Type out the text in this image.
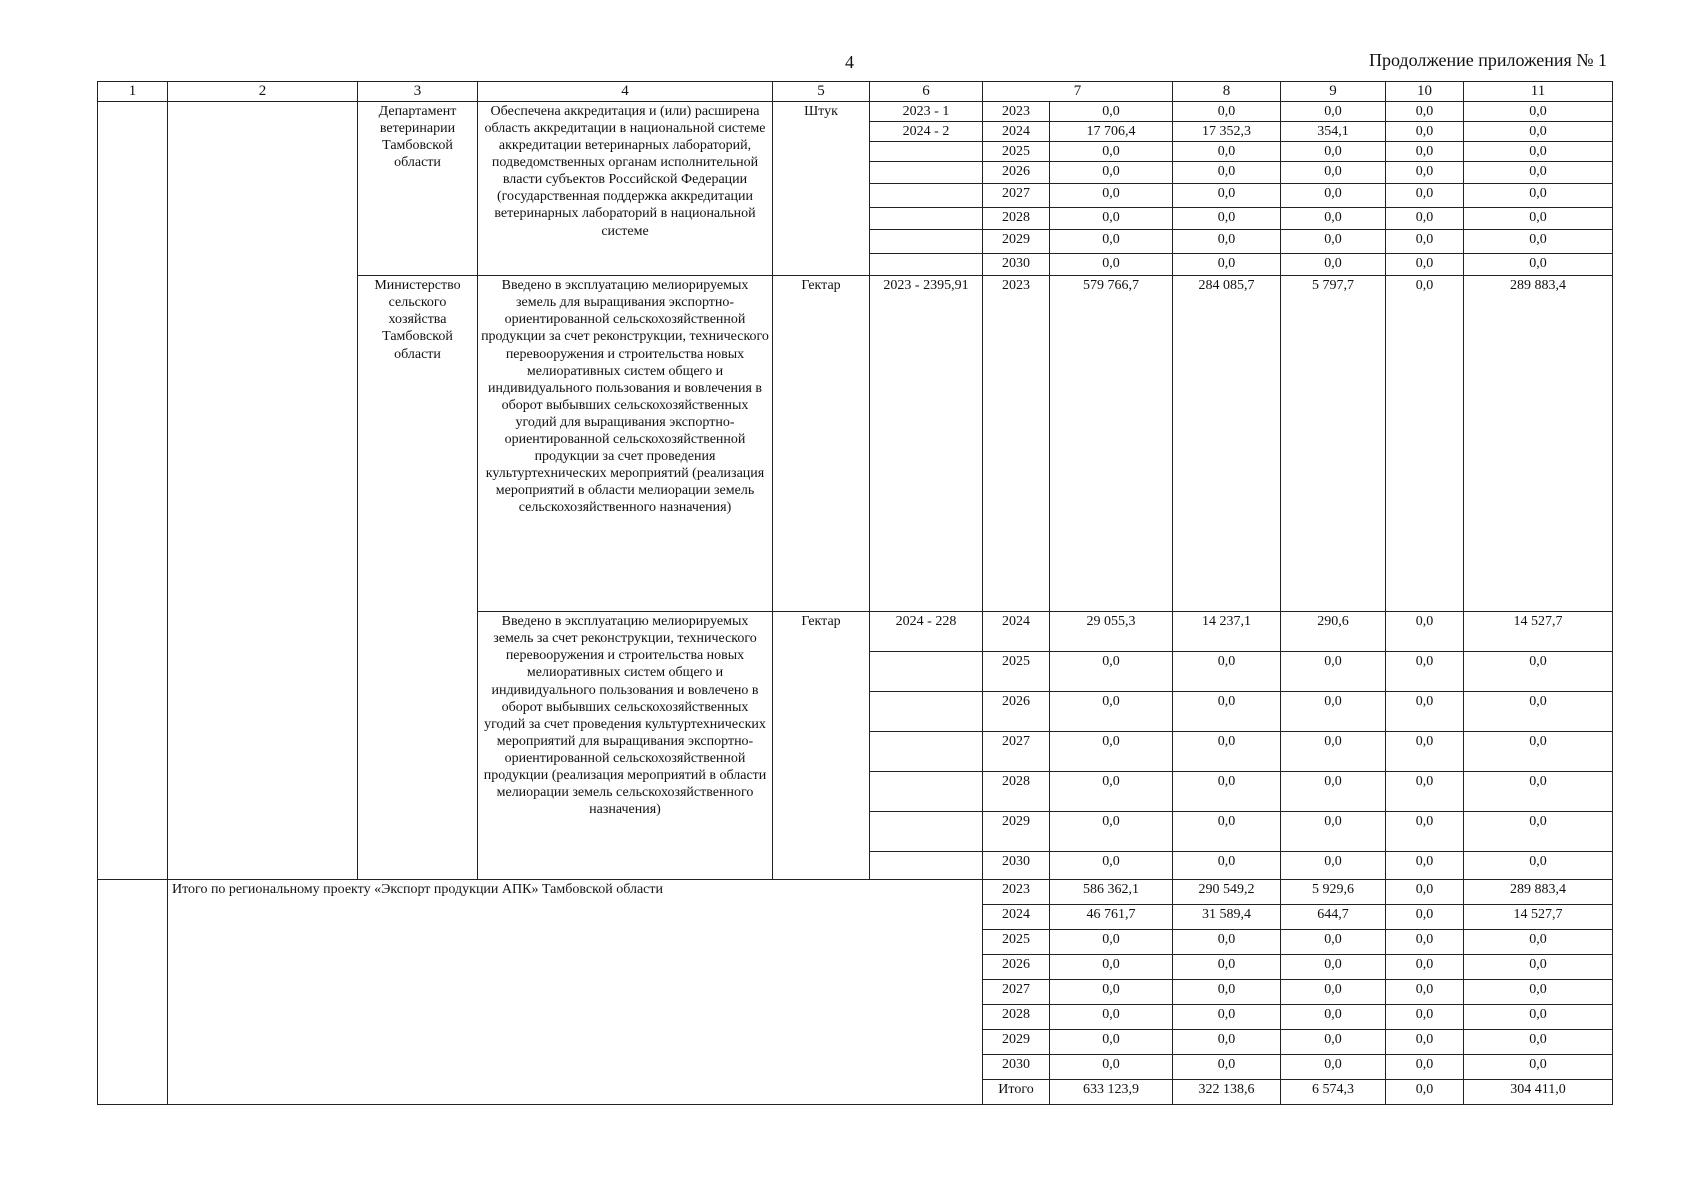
4	Продолжение приложения № 1
1	2	3	4	5	6	7		8	9	10	11
		Департамент ветеринарии Тамбовской области	Обеспечена аккредитация и (или) расширена область аккредитации в национальной системе аккредитации ветеринарных лабораторий, подведомственных органам исполнительной власти субъектов Российской Федерации (государственная поддержка аккредитации ветеринарных лабораторий в национальной системе	Штук	2023 - 1	2023	0,0	0,0	0,0	0,0	0,0
					2024 - 2	2024	17 706,4	17 352,3	354,1	0,0	0,0
						2025	0,0	0,0	0,0	0,0	0,0
						2026	0,0	0,0	0,0	0,0	0,0
						2027	0,0	0,0	0,0	0,0	0,0
						2028	0,0	0,0	0,0	0,0	0,0
						2029	0,0	0,0	0,0	0,0	0,0
						2030	0,0	0,0	0,0	0,0	0,0
		Министерство сельского хозяйства Тамбовской области	Введено в эксплуатацию мелиорируемых земель для выращивания экспортно-ориентированной сельскохозяйственной продукции за счет реконструкции, технического перевооружения и строительства новых мелиоративных систем общего и индивидуального пользования и вовлечения в оборот выбывших сельскохозяйственных угодий для выращивания экспортно-ориентированной сельскохозяйственной продукции за счет проведения культуртехнических мероприятий (реализация мероприятий в области мелиорации земель сельскохозяйственного назначения)	Гектар	2023 - 2395,91	2023	579 766,7	284 085,7	5 797,7	0,0	289 883,4
			Введено в эксплуатацию мелиорируемых земель за счет реконструкции, технического перевооружения и строительства новых мелиоративных систем общего и индивидуального пользования и вовлечено в оборот выбывших сельскохозяйственных угодий за счет проведения культуртехнических мероприятий для выращивания экспортно-ориентированной сельскохозяйственной продукции (реализация мероприятий в области мелиорации земель сельскохозяйственного назначения)	Гектар	2024 - 228	2024	29 055,3	14 237,1	290,6	0,0	14 527,7
						2025	0,0	0,0	0,0	0,0	0,0
						2026	0,0	0,0	0,0	0,0	0,0
						2027	0,0	0,0	0,0	0,0	0,0
						2028	0,0	0,0	0,0	0,0	0,0
						2029	0,0	0,0	0,0	0,0	0,0
						2030	0,0	0,0	0,0	0,0	0,0
	Итого по региональному проекту «Экспорт продукции АПК» Тамбовской области					2023	586 362,1	290 549,2	5 929,6	0,0	289 883,4
						2024	46 761,7	31 589,4	644,7	0,0	14 527,7
						2025	0,0	0,0	0,0	0,0	0,0
						2026	0,0	0,0	0,0	0,0	0,0
						2027	0,0	0,0	0,0	0,0	0,0
						2028	0,0	0,0	0,0	0,0	0,0
						2029	0,0	0,0	0,0	0,0	0,0
						2030	0,0	0,0	0,0	0,0	0,0
						Итого	633 123,9	322 138,6	6 574,3	0,0	304 411,0
